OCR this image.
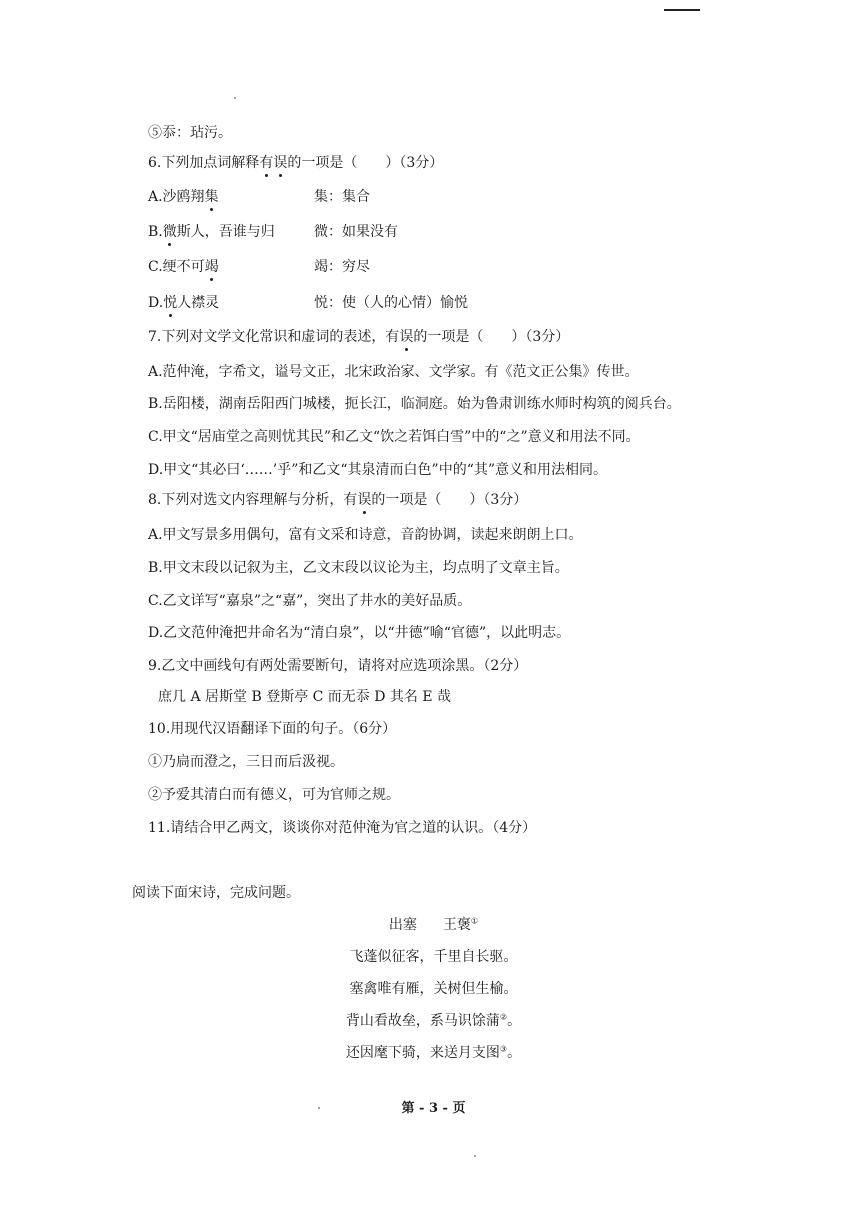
⑤忝：玷污。
6.下列加点词解释有误的一项是（　　）（3分）
A.沙鸥翔集	集：集合
B.微斯人，吾谁与归	微：如果没有
C.绠不可竭	竭：穷尽
D.悦人襟灵	悦：使（人的心情）愉悦
7.下列对文学文化常识和虚词的表述，有误的一项是（　　）（3分）
A.范仲淹，字希文，谥号文正，北宋政治家、文学家。有《范文正公集》传世。
B.岳阳楼，湖南岳阳西门城楼，扼长江，临洞庭。始为鲁肃训练水师时构筑的阅兵台。
C.甲文“居庙堂之高则忧其民”和乙文“饮之若饵白雪”中的“之”意义和用法不同。
D.甲文“其必曰‘……’乎”和乙文“其泉清而白色”中的“其”意义和用法相同。
8.下列对选文内容理解与分析，有误的一项是（　　）（3分）
A.甲文写景多用偶句，富有文采和诗意，音韵协调，读起来朗朗上口。
B.甲文末段以记叙为主，乙文末段以议论为主，均点明了文章主旨。
C.乙文详写“嘉泉”之“嘉”，突出了井水的美好品质。
D.乙文范仲淹把井命名为“清白泉”，以“井德”喻“官德”，以此明志。
9.乙文中画线句有两处需要断句，请将对应选项涂黑。（2分）
庶几 A 居斯堂 B 登斯亭 C 而无忝 D 其名 E 哉
10.用现代汉语翻译下面的句子。（6分）
①乃扃而澄之，三日而后汲视。
②予爱其清白而有德义，可为官师之规。
11.请结合甲乙两文，谈谈你对范仲淹为官之道的认识。（4分）
阅读下面宋诗，完成问题。
出塞 王褒①
飞蓬似征客，千里自长驱。
塞禽唯有雁，关树但生榆。
背山看故垒，系马识馀蒲②。
还因麾下骑，来送月支图③。
第 - 3 - 页
